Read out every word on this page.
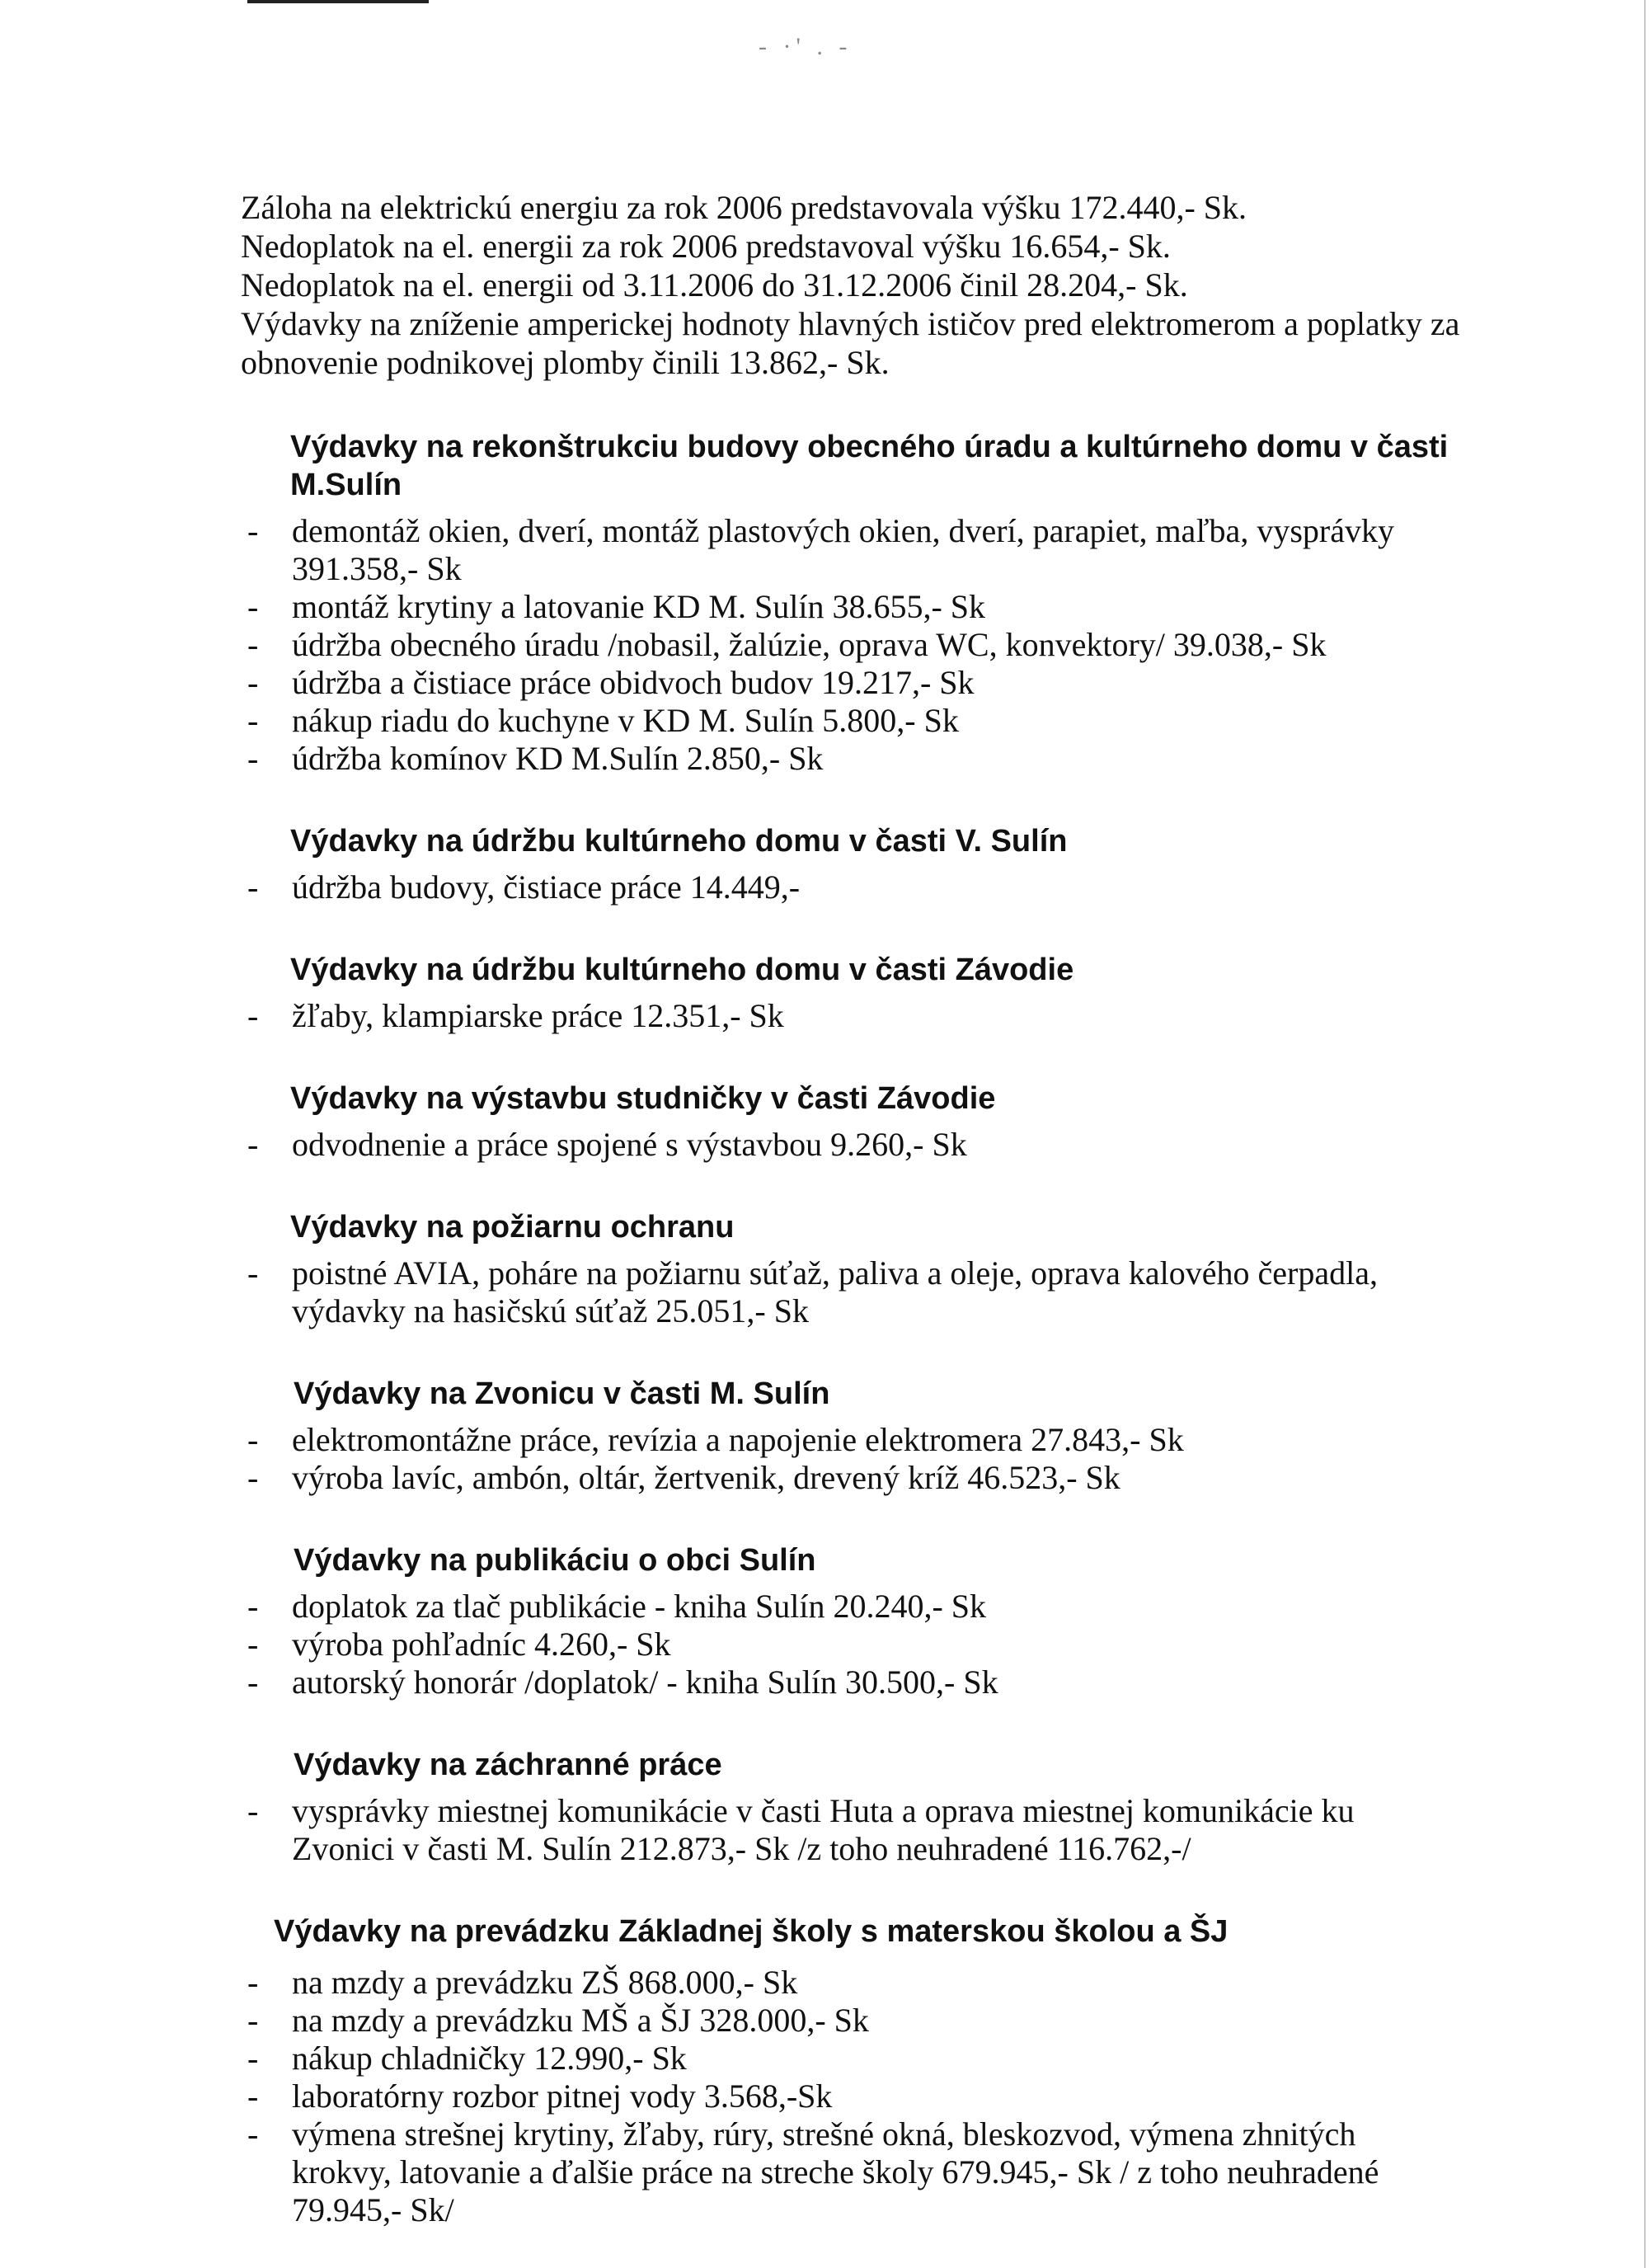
- ·' . -

Záloha na elektrickú energiu za rok 2006 predstavovala výšku 172.440,- Sk.

Nedoplatok na el. energii za rok 2006 predstavoval výšku 16.654,- Sk.

Nedoplatok na el. energii od 3.11.2006 do 31.12.2006 činil 28.204,- Sk.

Výdavky na zníženie amperickej hodnoty hlavných ističov pred elektromerom a poplatky za obnovenie podnikovej plomby činili 13.862,- Sk.

Výdavky na rekonštrukciu budovy obecného úradu a kultúrneho domu v časti M.Sulín
- demontáž okien, dverí, montáž plastových okien, dverí, parapiet, maľba, vysprávky 391.358,- Sk
- montáž krytiny a latovanie KD M. Sulín 38.655,- Sk
- údržba obecného úradu /nobasil, žalúzie, oprava WC, konvektory/ 39.038,- Sk
- údržba a čistiace práce obidvoch budov 19.217,- Sk
- nákup riadu do kuchyne v KD M. Sulín 5.800,- Sk
- údržba komínov KD M.Sulín 2.850,- Sk
Výdavky na údržbu kultúrneho domu v časti V. Sulín
- údržba budovy, čistiace práce 14.449,-
Výdavky na údržbu kultúrneho domu v časti Závodie
- žľaby, klampiarske práce 12.351,- Sk
Výdavky na výstavbu studničky v časti Závodie
- odvodnenie a práce spojené s výstavbou 9.260,- Sk
Výdavky na požiarnu ochranu
- poistné AVIA, poháre na požiarnu súťaž, paliva a oleje, oprava kalového čerpadla, výdavky na hasičskú súťaž 25.051,- Sk
Výdavky na Zvonicu v časti M. Sulín
- elektromontážne práce, revízia a napojenie elektromera 27.843,- Sk
- výroba lavíc, ambón, oltár, žertvenik, drevený kríž 46.523,- Sk
Výdavky na publikáciu o obci Sulín
- doplatok za tlač publikácie - kniha Sulín 20.240,- Sk
- výroba pohľadníc 4.260,- Sk
- autorský honorár /doplatok/ - kniha Sulín 30.500,- Sk
Výdavky na záchranné práce
- vysprávky miestnej komunikácie v časti Huta a oprava miestnej komunikácie ku Zvonici v časti M. Sulín 212.873,- Sk /z toho neuhradené 116.762,-/
Výdavky na prevádzku Základnej školy s materskou školou a ŠJ
- na mzdy a prevádzku ZŠ 868.000,- Sk
- na mzdy a prevádzku MŠ a ŠJ 328.000,- Sk
- nákup chladničky 12.990,- Sk
- laboratórny rozbor pitnej vody 3.568,-Sk
- výmena strešnej krytiny, žľaby, rúry, strešné okná, bleskozvod, výmena zhnitých krokvy, latovanie a ďalšie práce na streche školy 679.945,- Sk / z toho neuhradené 79.945,- Sk/
